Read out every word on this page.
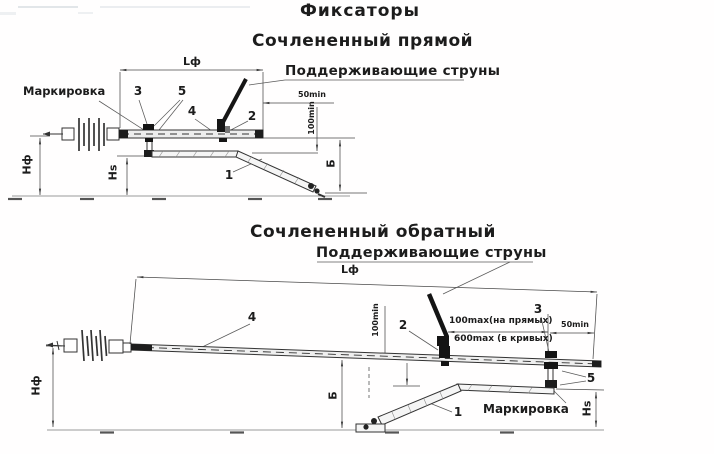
Фиксаторы
Сочлененный прямой
Поддерживающие струны
Маркировка
Lф
50min
100min
Б
Нф	Нs
3	5
4	2
1
Сочлененный обратный
Поддерживающие струны
Lф
100max(на прямых)
600max (в кривых)
50min
100min
Б
Нф
Нs
Маркировка
4
2
3
1
5
